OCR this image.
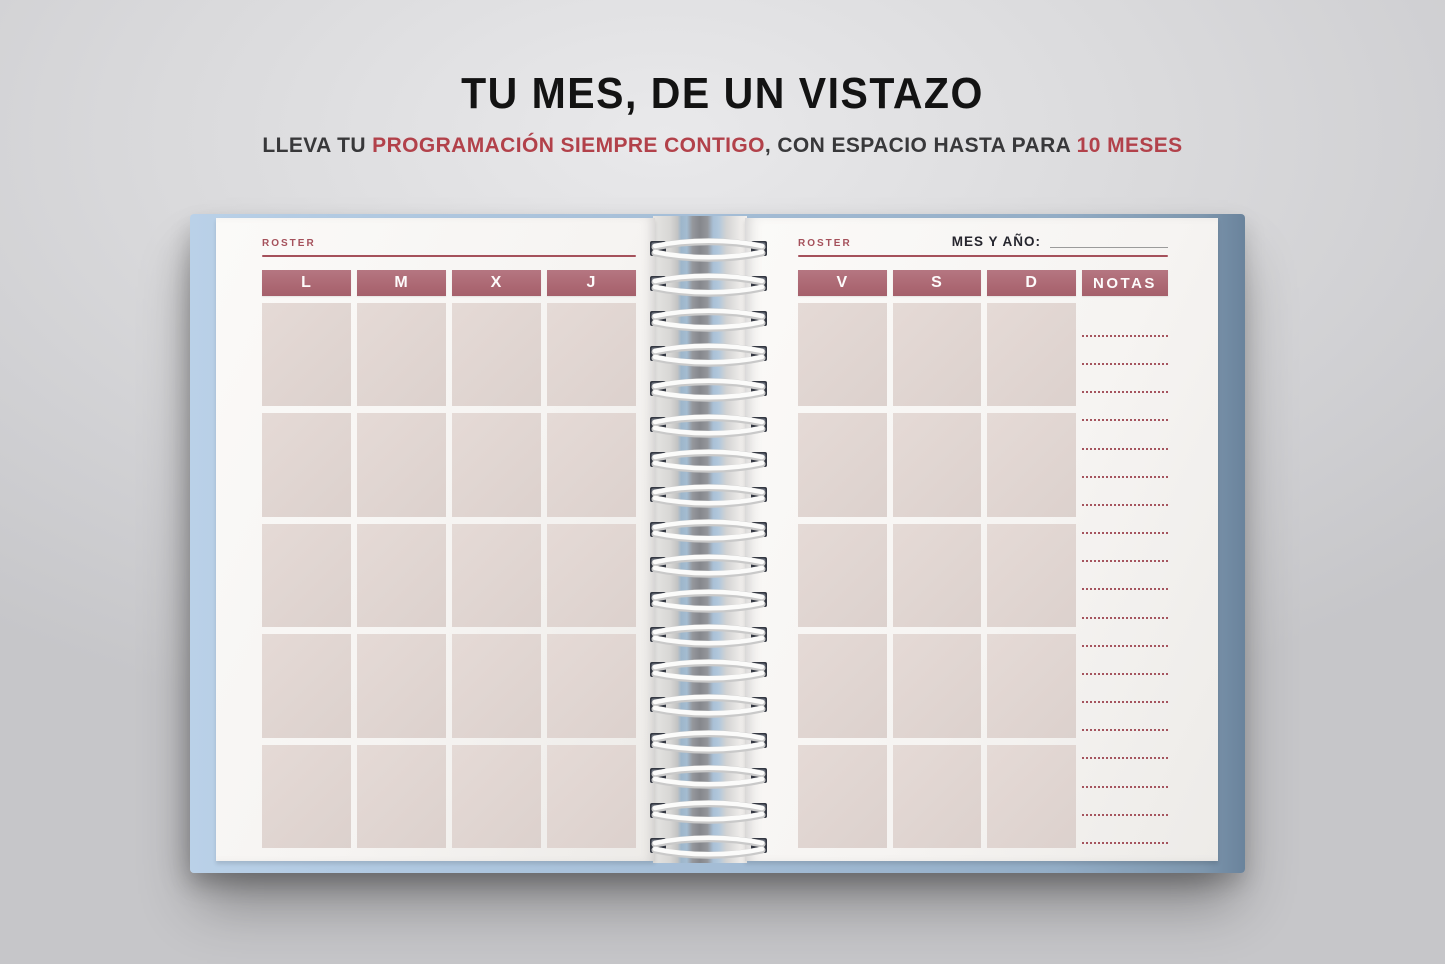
TU MES, DE UN VISTAZO
LLEVA TU PROGRAMACIÓN SIEMPRE CONTIGO, CON ESPACIO HASTA PARA 10 MESES
ROSTER
L	M	X	J
ROSTER	MES Y AÑO:
V	S	D	NOTAS
